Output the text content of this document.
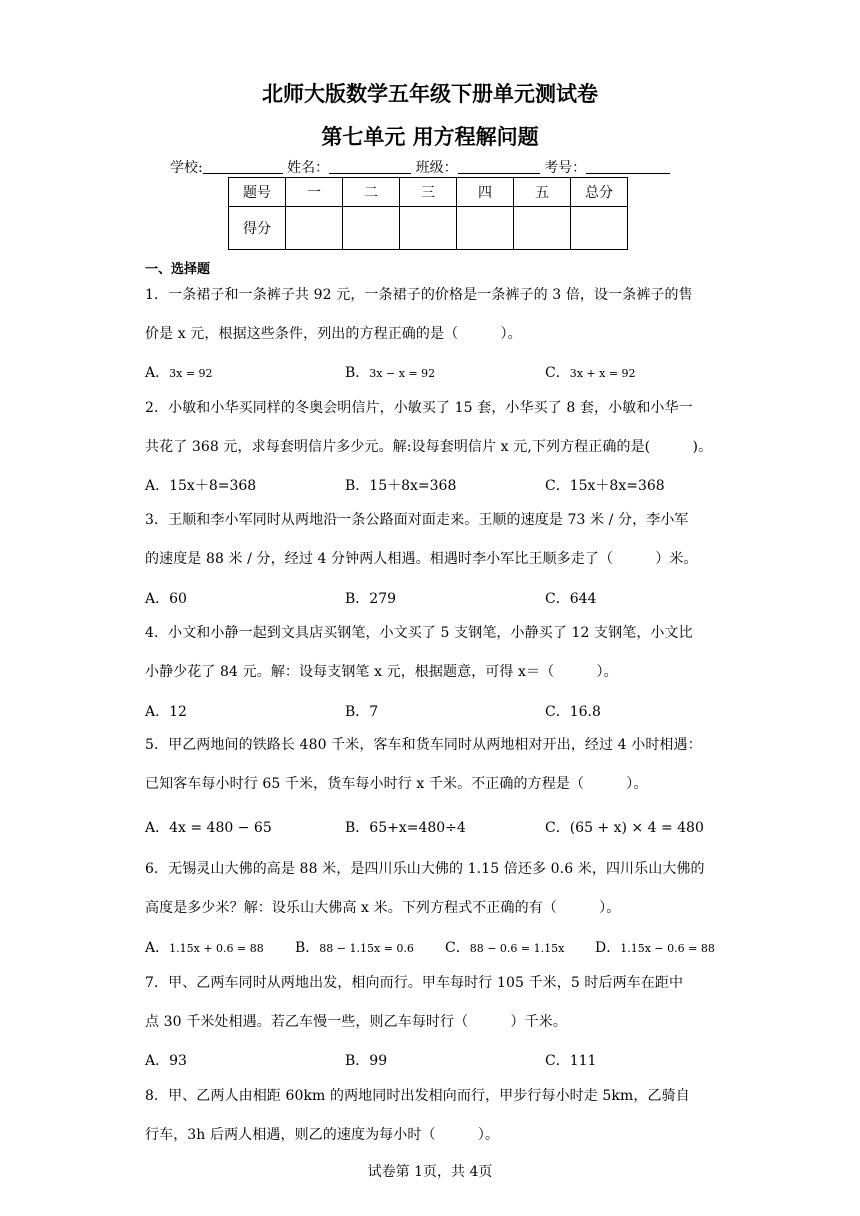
北师大版数学五年级下册单元测试卷
第七单元 用方程解问题
学校:	姓名：	班级：	考号：
题号	一	二	三	四	五	总分
得分						
一、选择题
1．一条裙子和一条裤子共 92 元，一条裙子的价格是一条裤子的 3 倍，设一条裤子的售
价是 x 元，根据这些条件，列出的方程正确的是（　　　）。
A．3x = 92	B．3x − x = 92	C．3x + x = 92
2．小敏和小华买同样的冬奥会明信片，小敏买了 15 套，小华买了 8 套，小敏和小华一
共花了 368 元，求每套明信片多少元。解:设每套明信片 x 元,下列方程正确的是(　　　)。
A．15x＋8=368	B．15＋8x=368	C．15x＋8x=368
3．王顺和李小军同时从两地沿一条公路面对面走来。王顺的速度是 73 米 / 分，李小军
的速度是 88 米 / 分，经过 4 分钟两人相遇。相遇时李小军比王顺多走了（　　　）米。
A．60	B．279	C．644
4．小文和小静一起到文具店买钢笔，小文买了 5 支钢笔，小静买了 12 支钢笔，小文比
小静少花了 84 元。解：设每支钢笔 x 元，根据题意，可得 x＝（　　　）。
A．12	B．7	C．16.8
5．甲乙两地间的铁路长 480 千米，客车和货车同时从两地相对开出，经过 4 小时相遇：
已知客车每小时行 65 千米，货车每小时行 x 千米。不正确的方程是（　　　）。
A．4x = 480 − 65	B．65+x=480÷4	C．(65 + x) × 4 = 480
6．无锡灵山大佛的高是 88 米，是四川乐山大佛的 1.15 倍还多 0.6 米，四川乐山大佛的
高度是多少米？解：设乐山大佛高 x 米。下列方程式不正确的有（　　　）。
A．1.15x + 0.6 = 88 B．88 − 1.15x = 0.6 C．88 − 0.6 = 1.15x D．1.15x − 0.6 = 88
7．甲、乙两车同时从两地出发，相向而行。甲车每时行 105 千米，5 时后两车在距中
点 30 千米处相遇。若乙车慢一些，则乙车每时行（　　　）千米。
A．93	B．99	C．111
8．甲、乙两人由相距 60km 的两地同时出发相向而行，甲步行每小时走 5km，乙骑自
行车，3h 后两人相遇，则乙的速度为每小时（　　　）。
试卷第 1页，共 4页
